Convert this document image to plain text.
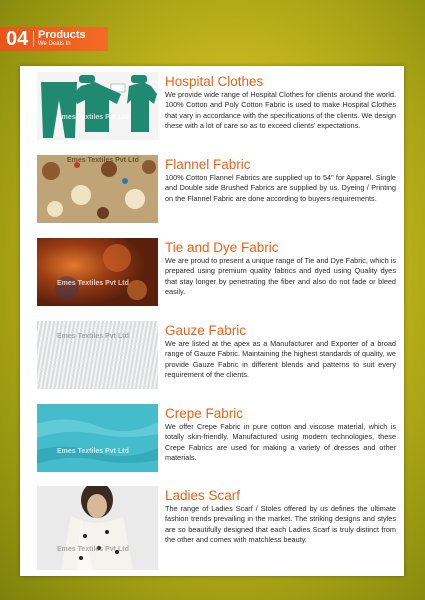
04 Products
We Deals In
Emes Textiles Pvt Ltd
Hospital Clothes

We provide wide range of Hospital Clothes for clients around the world. 100% Cotton and Poly Cotton Fabric is used to make Hospital Clothes that vary in accordance with the specifications of the clients. We design these with a lot of care so as to exceed clients' expectations.

Emes Textiles Pvt Ltd Flannel Fabric

100% Cotton Flannel Fabrics are supplied up to 54" for Apparel. Single and Double side Brushed Fabrics are supplied by us. Dyeing / Printing on the Flannel Fabric are done according to buyers requirements.

Emes Textiles Pvt Ltd
Tie and Dye Fabric

We are proud to present a unique range of Tie and Dye Fabric, which is prepared using premium quality fabrics and dyed using Quality dyes that stay longer by penetrating the fiber and also do not fade or bleed easily.

Emes Textiles Pvt Ltd	Gauze Fabric

We are listed at the apex as a Manufacturer and Exporter of a broad range of Gauze Fabric. Maintaining the highest standards of quality, we provide Gauze Fabric in different blends and patterns to suit every requirement of the clients.

Emes Textiles Pvt Ltd
Crepe Fabric

We offer Crepe Fabric in pure cotton and viscose material, which is totally skin-friendly. Manufactured using modern technologies, these Crepe Fabrics are used for making a variety of dresses and other materials.

Emes Textiles Pvt Ltd
Ladies Scarf

The range of Ladies Scarf / Stoles offered by us defines the ultimate fashion trends prevailing in the market. The striking designs and styles are so beautifully designed that each Ladies Scarf is truly distinct from the other and comes with matchless beauty.
